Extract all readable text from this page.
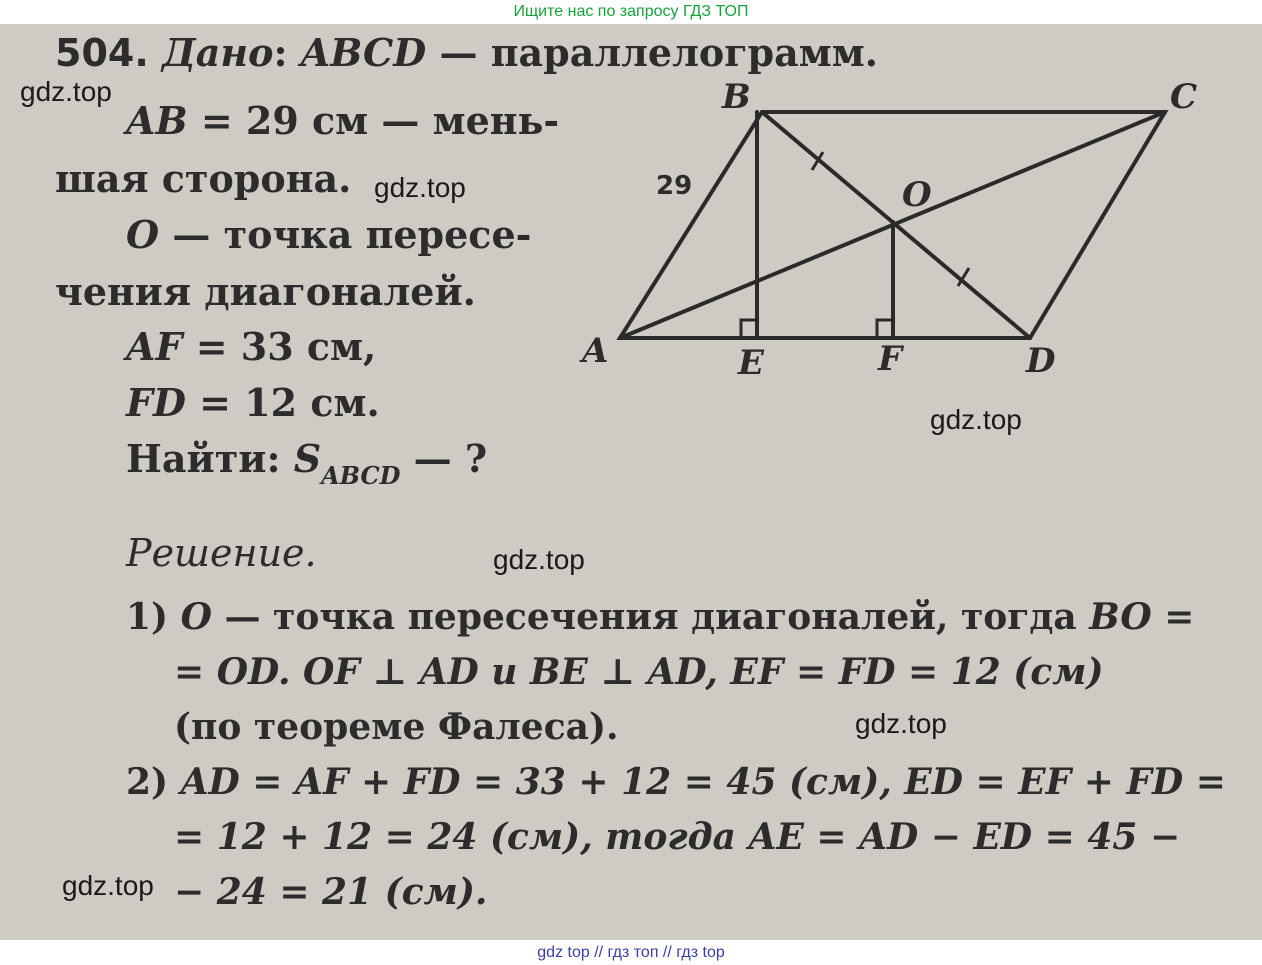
Ищите нас по запросу ГДЗ ТОП
504. Дано: ABCD — параллелограмм.
AB = 29 см — мень-
шая сторона.
O — точка пересе-
чения диагоналей.
AF = 33 см,
FD = 12 см.
Найти: $S_{ABCD}$ — ?
Решение.
1) O — точка пересечения диагоналей, тогда BO =
= OD. OF ⊥ AD и BE ⊥ AD, EF = FD = 12 (см)
(по теореме Фалеса).
2) AD = AF + FD = 33 + 12 = 45 (см), ED = EF + FD =
= 12 + 12 = 24 (см), тогда AE = AD − ED = 45 −
− 24 = 21 (см).
B	C
A	D
E	F
O
29
gdz.top
gdz.top
gdz.top
gdz.top
gdz.top
gdz.top
gdz top // гдз топ // гдз top
